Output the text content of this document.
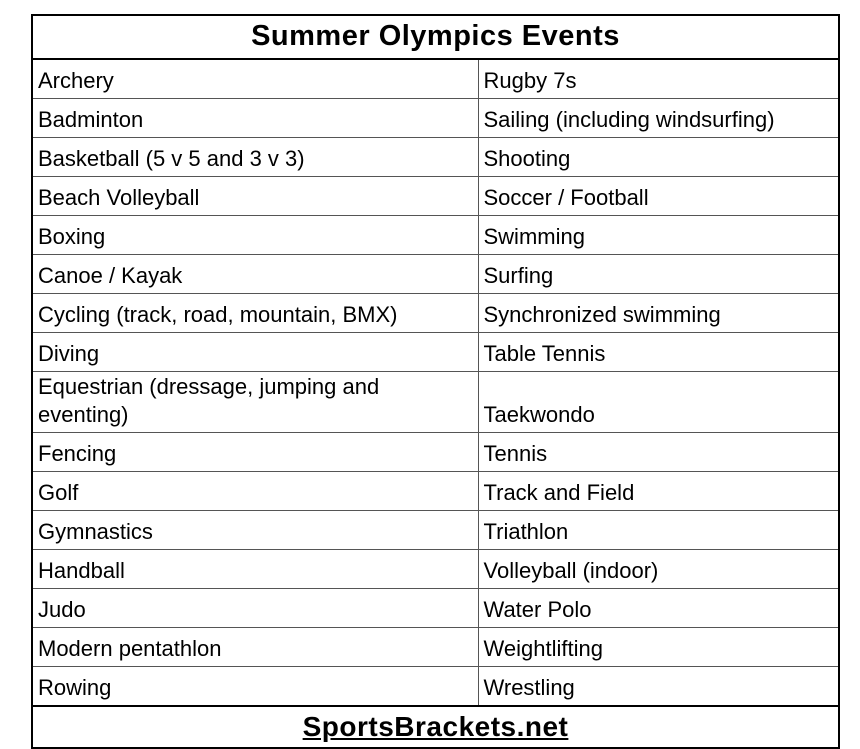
Summer Olympics Events	
Archery	Rugby 7s
Badminton	Sailing (including windsurfing)
Basketball (5 v 5 and 3 v 3)	Shooting
Beach Volleyball	Soccer / Football
Boxing	Swimming
Canoe / Kayak	Surfing
Cycling (track, road, mountain, BMX)	Synchronized swimming
Diving	Table Tennis
Equestrian (dressage, jumping and eventing)	Taekwondo
Fencing	Tennis
Golf	Track and Field
Gymnastics	Triathlon
Handball	Volleyball (indoor)
Judo	Water Polo
Modern pentathlon	Weightlifting
Rowing	Wrestling
SportsBrackets.net	
